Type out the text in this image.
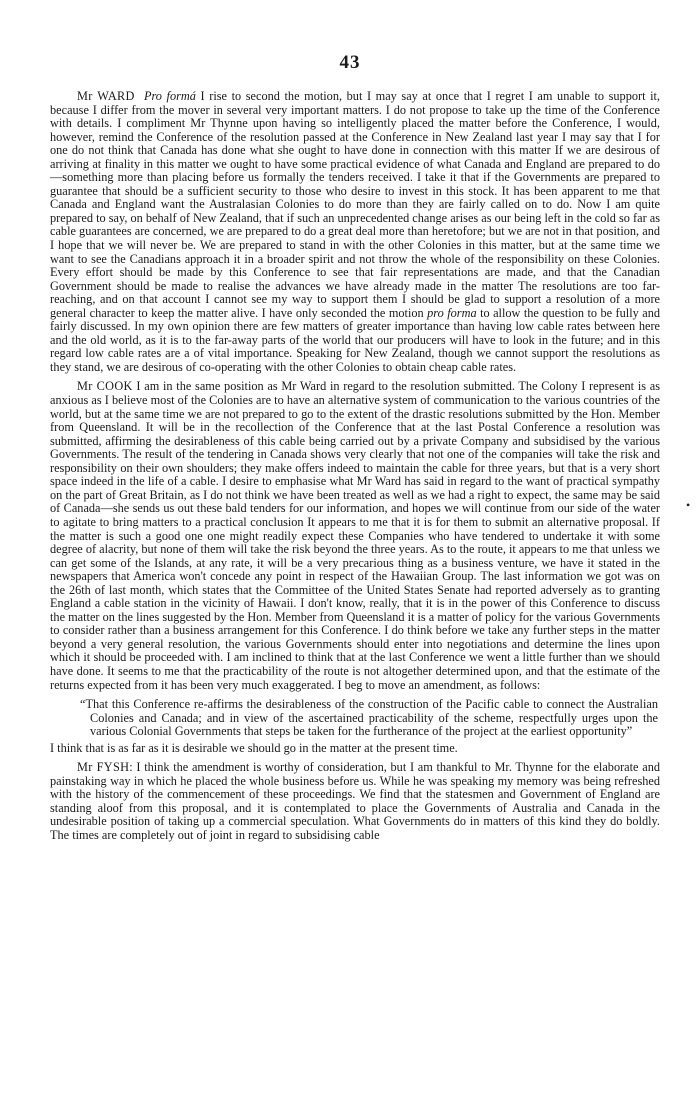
43

Mr WARD Pro formá I rise to second the motion, but I may say at once that I regret I am unable to support it, because I differ from the mover in several very important matters. I do not propose to take up the time of the Conference with details. I compliment Mr Thynne upon having so intelligently placed the matter before the Conference, I would, however, remind the Conference of the resolution passed at the Conference in New Zealand last year I may say that I for one do not think that Canada has done what she ought to have done in connection with this matter If we are desirous of arriving at finality in this matter we ought to have some practical evidence of what Canada and England are prepared to do—something more than placing before us formally the tenders received. I take it that if the Governments are prepared to guarantee that should be a sufficient security to those who desire to invest in this stock. It has been apparent to me that Canada and England want the Australasian Colonies to do more than they are fairly called on to do. Now I am quite prepared to say, on behalf of New Zealand, that if such an unprecedented change arises as our being left in the cold so far as cable guarantees are concerned, we are prepared to do a great deal more than heretofore; but we are not in that position, and I hope that we will never be. We are prepared to stand in with the other Colonies in this matter, but at the same time we want to see the Canadians approach it in a broader spirit and not throw the whole of the responsibility on these Colonies. Every effort should be made by this Conference to see that fair representations are made, and that the Canadian Government should be made to realise the advances we have already made in the matter The resolutions are too far-reaching, and on that account I cannot see my way to support them I should be glad to support a resolution of a more general character to keep the matter alive. I have only seconded the motion pro forma to allow the question to be fully and fairly discussed. In my own opinion there are few matters of greater importance than having low cable rates between here and the old world, as it is to the far-away parts of the world that our producers will have to look in the future; and in this regard low cable rates are a of vital importance. Speaking for New Zealand, though we cannot support the resolutions as they stand, we are desirous of co-operating with the other Colonies to obtain cheap cable rates.

Mr COOK I am in the same position as Mr Ward in regard to the resolution submitted. The Colony I represent is as anxious as I believe most of the Colonies are to have an alternative system of communication to the various countries of the world, but at the same time we are not prepared to go to the extent of the drastic resolutions submitted by the Hon. Member from Queensland. It will be in the recollection of the Conference that at the last Postal Conference a resolution was submitted, affirming the desirableness of this cable being carried out by a private Company and subsidised by the various Governments. The result of the tendering in Canada shows very clearly that not one of the companies will take the risk and responsibility on their own shoulders; they make offers indeed to maintain the cable for three years, but that is a very short space indeed in the life of a cable. I desire to emphasise what Mr Ward has said in regard to the want of practical sympathy on the part of Great Britain, as I do not think we have been treated as well as we had a right to expect, the same may be said of Canada—she sends us out these bald tenders for our information, and hopes we will continue from our side of the water to agitate to bring matters to a practical conclusion It appears to me that it is for them to submit an alternative proposal. If the matter is such a good one one might readily expect these Companies who have tendered to undertake it with some degree of alacrity, but none of them will take the risk beyond the three years. As to the route, it appears to me that unless we can get some of the Islands, at any rate, it will be a very precarious thing as a business venture, we have it stated in the newspapers that America won't concede any point in respect of the Hawaiian Group. The last information we got was on the 26th of last month, which states that the Committee of the United States Senate had reported adversely as to granting England a cable station in the vicinity of Hawaii. I don't know, really, that it is in the power of this Conference to discuss the matter on the lines suggested by the Hon. Member from Queensland it is a matter of policy for the various Governments to consider rather than a business arrangement for this Conference. I do think before we take any further steps in the matter beyond a very general resolution, the various Governments should enter into negotiations and determine the lines upon which it should be proceeded with. I am inclined to think that at the last Conference we went a little further than we should have done. It seems to me that the practicability of the route is not altogether determined upon, and that the estimate of the returns expected from it has been very much exaggerated. I beg to move an amendment, as follows:

“That this Conference re-affirms the desirableness of the construction of the Pacific cable to connect the Australian Colonies and Canada; and in view of the ascertained practicability of the scheme, respectfully urges upon the various Colonial Governments that steps be taken for the furtherance of the project at the earliest opportunity”

I think that is as far as it is desirable we should go in the matter at the present time.

Mr FYSH: I think the amendment is worthy of consideration, but I am thankful to Mr. Thynne for the elaborate and painstaking way in which he placed the whole business before us. While he was speaking my memory was being refreshed with the history of the commencement of these proceedings. We find that the statesmen and Government of England are standing aloof from this proposal, and it is contemplated to place the Governments of Australia and Canada in the undesirable position of taking up a commercial speculation. What Governments do in matters of this kind they do boldly. The times are completely out of joint in regard to subsidising cable

•
